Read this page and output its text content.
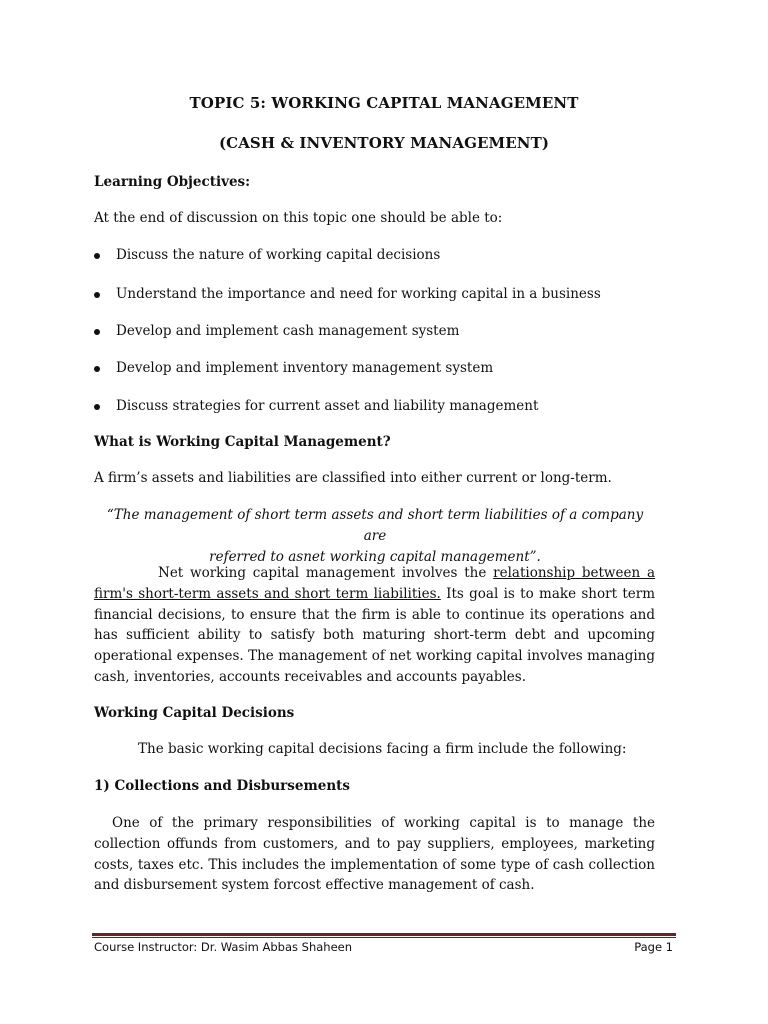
TOPIC 5: WORKING CAPITAL MANAGEMENT
(CASH & INVENTORY MANAGEMENT)
Learning Objectives:
At the end of discussion on this topic one should be able to:
Discuss the nature of working capital decisions
Understand the importance and need for working capital in a business
Develop and implement cash management system
Develop and implement inventory management system
Discuss strategies for current asset and liability management
What is Working Capital Management?
A firm’s assets and liabilities are classified into either current or long-term.
“The management of short term assets and short term liabilities of a company are
referred to asnet working capital management”.
Net working capital management involves the relationship between a firm's short-term assets and short term liabilities. Its goal is to make short term financial decisions, to ensure that the firm is able to continue its operations and has sufficient ability to satisfy both maturing short-term debt and upcoming operational expenses. The management of net working capital involves managing cash, inventories, accounts receivables and accounts payables.
Working Capital Decisions
The basic working capital decisions facing a firm include the following:
1) Collections and Disbursements
One of the primary responsibilities of working capital is to manage the collection offunds from customers, and to pay suppliers, employees, marketing costs, taxes etc. This includes the implementation of some type of cash collection and disbursement system forcost effective management of cash.
Course Instructor: Dr. Wasim Abbas Shaheen	Page 1
